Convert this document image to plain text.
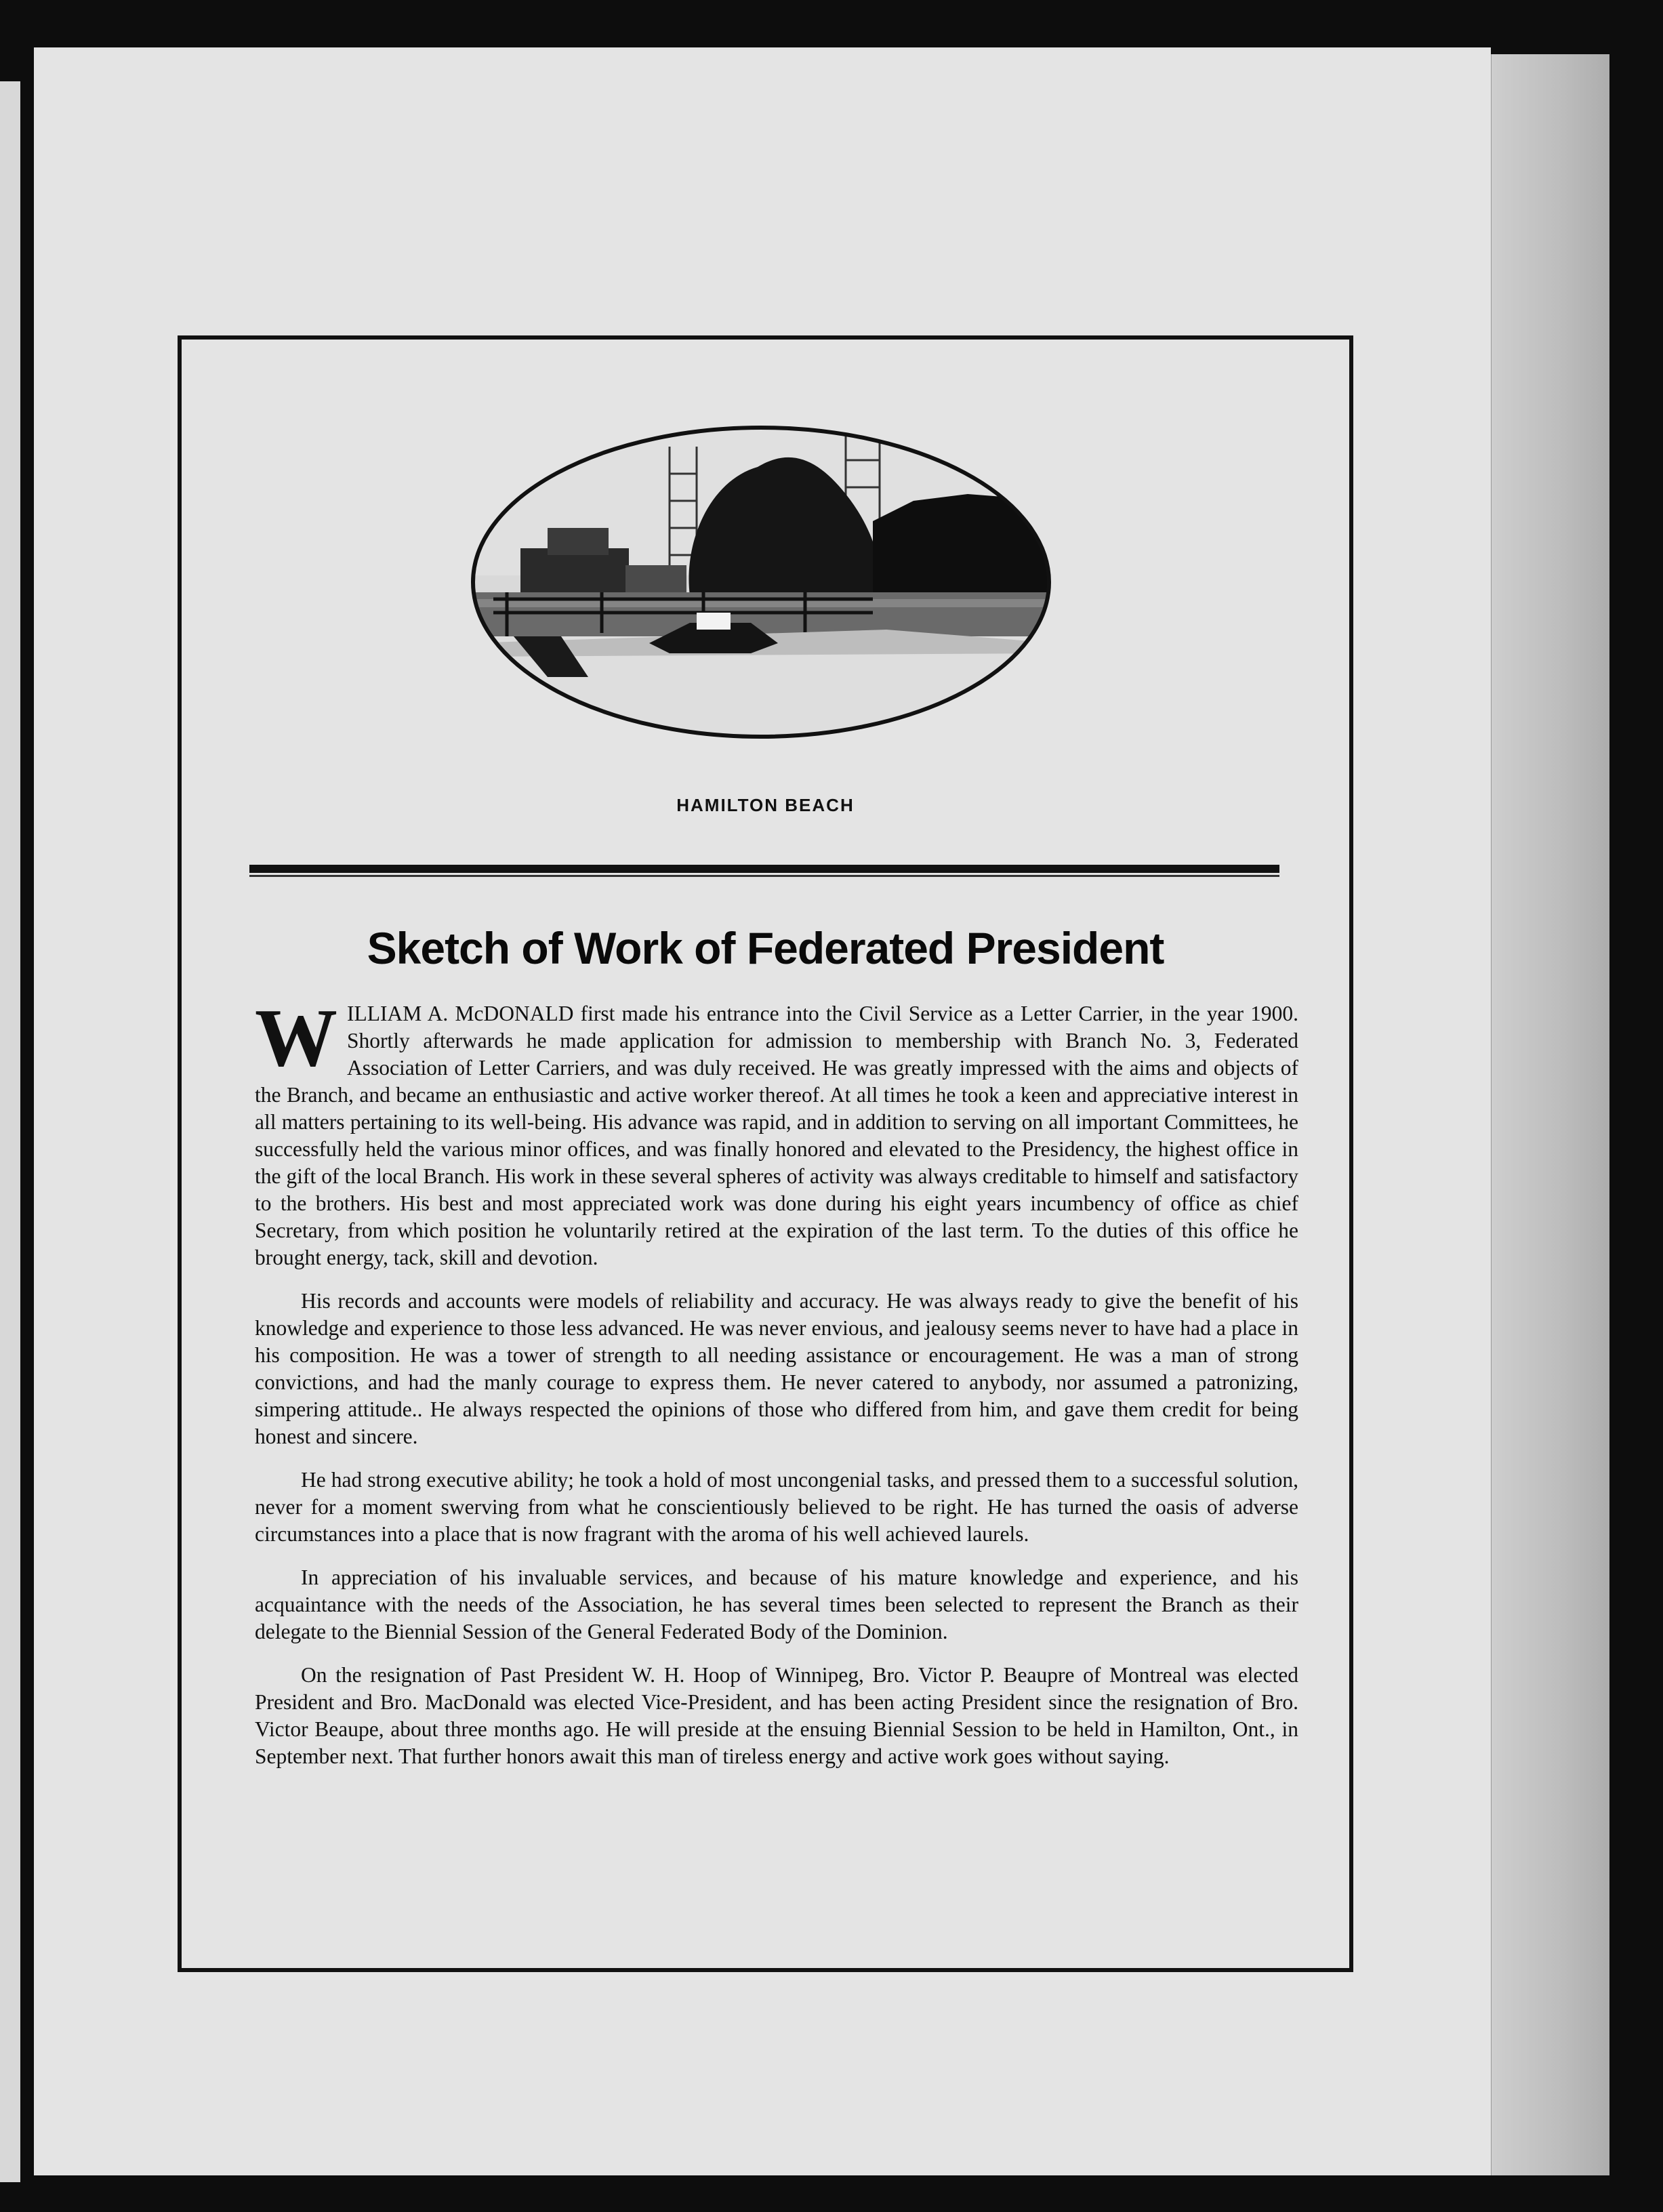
HAMILTON BEACH
Sketch of Work of Federated President

WILLIAM A. McDONALD first made his entrance into the Civil Service as a Letter Carrier, in the year 1900. Shortly afterwards he made application for admission to membership with Branch No. 3, Federated Association of Letter Carriers, and was duly received. He was greatly impressed with the aims and objects of the Branch, and became an enthusiastic and active worker thereof. At all times he took a keen and appreciative interest in all matters pertaining to its well-being. His advance was rapid, and in addition to serving on all important Committees, he successfully held the various minor offices, and was finally honored and elevated to the Presidency, the highest office in the gift of the local Branch. His work in these several spheres of activity was always creditable to himself and satisfactory to the brothers. His best and most appreciated work was done during his eight years incumbency of office as chief Secretary, from which position he voluntarily retired at the expiration of the last term. To the duties of this office he brought energy, tack, skill and devotion.

His records and accounts were models of reliability and accuracy. He was always ready to give the benefit of his knowledge and experience to those less advanced. He was never envious, and jealousy seems never to have had a place in his composition. He was a tower of strength to all needing assistance or encouragement. He was a man of strong convictions, and had the manly courage to express them. He never catered to anybody, nor assumed a patronizing, simpering attitude.. He always respected the opinions of those who differed from him, and gave them credit for being honest and sincere.

He had strong executive ability; he took a hold of most uncongenial tasks, and pressed them to a successful solution, never for a moment swerving from what he conscientiously believed to be right. He has turned the oasis of adverse circumstances into a place that is now fragrant with the aroma of his well achieved laurels.

In appreciation of his invaluable services, and because of his mature knowledge and experience, and his acquaintance with the needs of the Association, he has several times been selected to represent the Branch as their delegate to the Biennial Session of the General Federated Body of the Dominion.

On the resignation of Past President W. H. Hoop of Winnipeg, Bro. Victor P. Beaupre of Montreal was elected President and Bro. MacDonald was elected Vice-President, and has been acting President since the resignation of Bro. Victor Beaupe, about three months ago. He will preside at the ensuing Biennial Session to be held in Hamilton, Ont., in September next. That further honors await this man of tireless energy and active work goes without saying.
